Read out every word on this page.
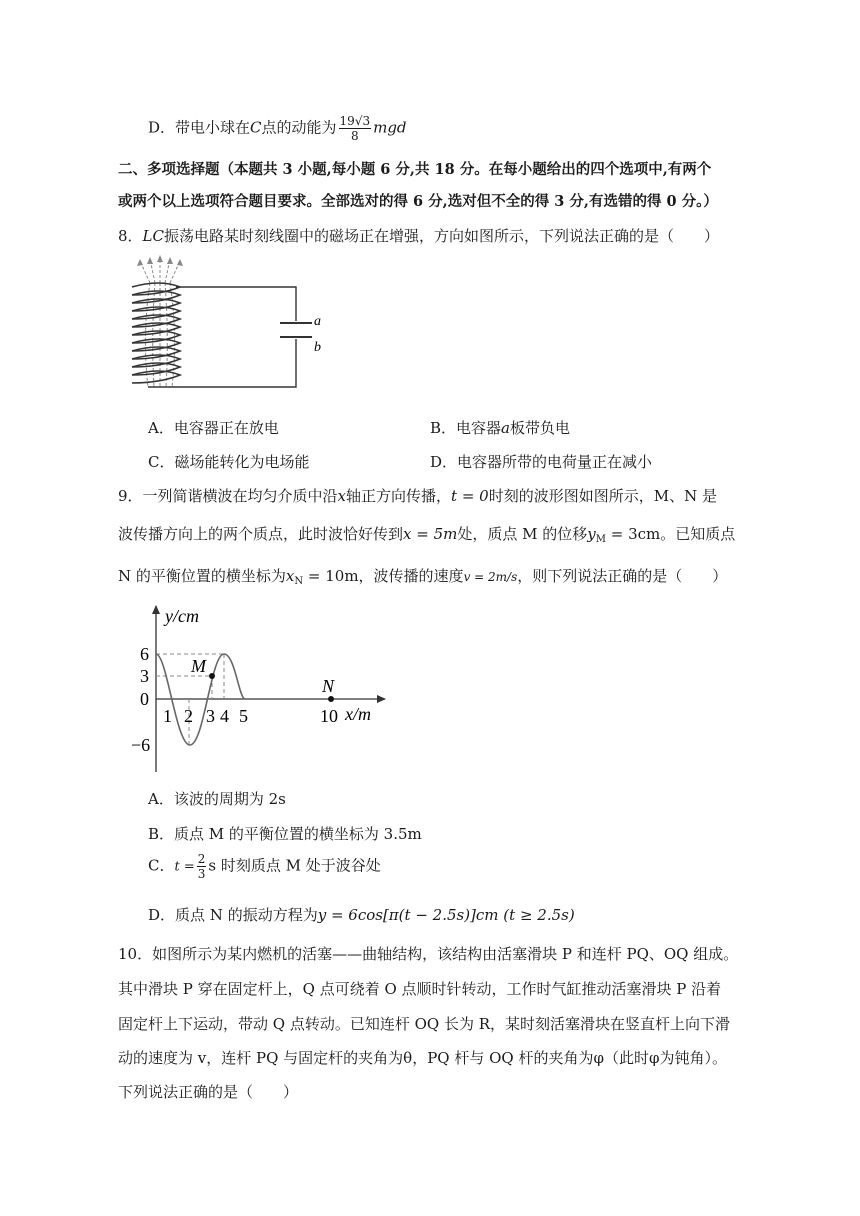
D．带电小球在C点的动能为 $\frac{19√3}{8}$ mgd
二、多项选择题（本题共 3 小题,每小题 6 分,共 18 分。在每小题给出的四个选项中,有两个
或两个以上选项符合题目要求。全部选对的得 6 分,选对但不全的得 3 分,有选错的得 0 分。）
8．LC振荡电路某时刻线圈中的磁场正在增强，方向如图所示，下列说法正确的是（　　）
a
b
A．电容器正在放电	B．电容器a板带负电
C．磁场能转化为电场能	D．电容器所带的电荷量正在减小
9．一列简谐横波在均匀介质中沿x轴正方向传播，t = 0时刻的波形图如图所示，M、N 是
波传播方向上的两个质点，此时波恰好传到x = 5m处，质点 M 的位移$y_M = 3cm$。已知质点
N 的平衡位置的横坐标为$x_N = 10m$，波传播的速度v = 2m/s，则下列说法正确的是（　　）
y/cm
x/m
M
N
6
3
0
−6
1 2 3 4 5	10
A．该波的周期为 2s
B．质点 M 的平衡位置的横坐标为 3.5m
C．$t = \frac{2}{3}$ s 时刻质点 M 处于波谷处
D．质点 N 的振动方程为y = 6cos[π(t − 2.5s)]cm (t ≥ 2.5s)
10．如图所示为某内燃机的活塞——曲轴结构，该结构由活塞滑块 P 和连杆 PQ、OQ 组成。
其中滑块 P 穿在固定杆上，Q 点可绕着 O 点顺时针转动，工作时气缸推动活塞滑块 P 沿着
固定杆上下运动，带动 Q 点转动。已知连杆 OQ 长为 R，某时刻活塞滑块在竖直杆上向下滑
动的速度为 v，连杆 PQ 与固定杆的夹角为θ，PQ 杆与 OQ 杆的夹角为φ（此时φ为钝角）。
下列说法正确的是（　　）
